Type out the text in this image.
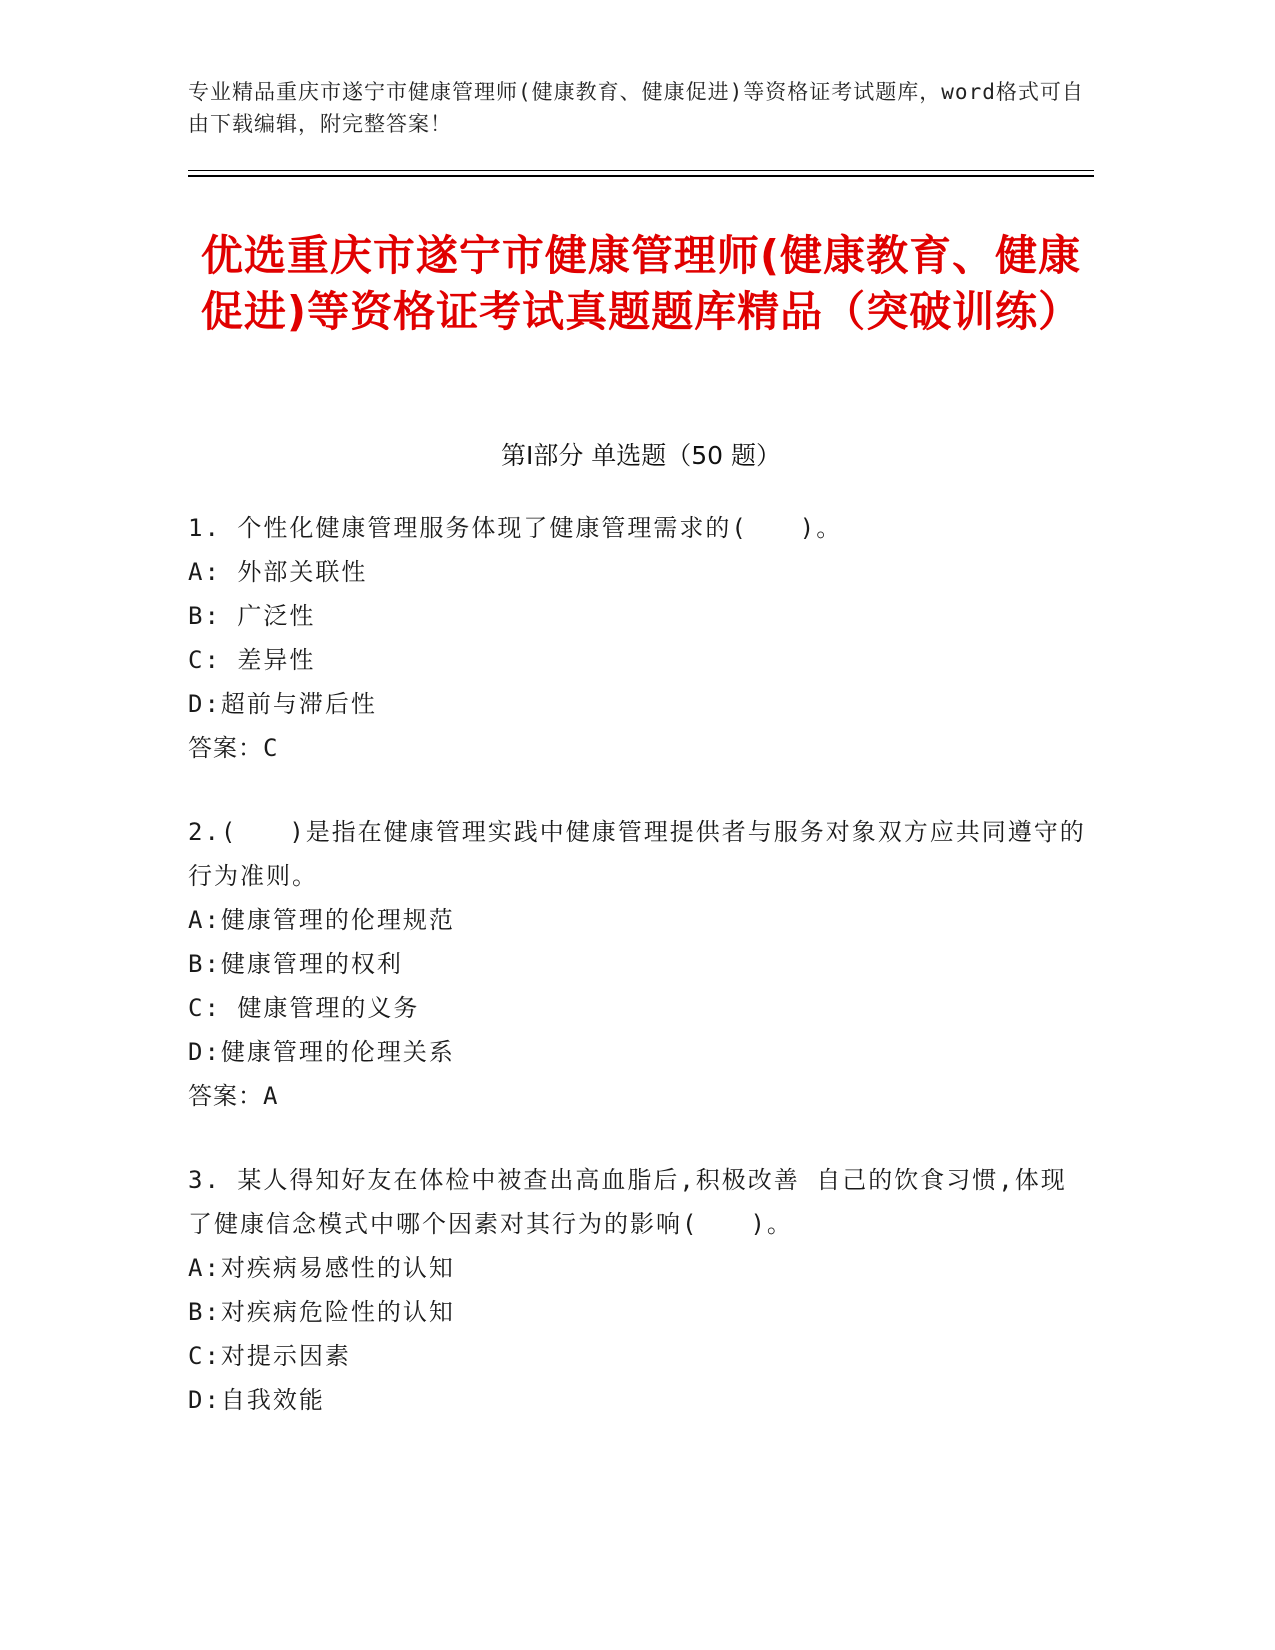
专业精品重庆市遂宁市健康管理师(健康教育、健康促进)等资格证考试题库，word格式可自由下载编辑，附完整答案！
优选重庆市遂宁市健康管理师(健康教育、健康促进)等资格证考试真题题库精品（突破训练）
第Ⅰ部分 单选题（50 题）
1. 个性化健康管理服务体现了健康管理需求的(　　)。
A: 外部关联性
B: 广泛性
C: 差异性
D:超前与滞后性
答案：C
2.(　　)是指在健康管理实践中健康管理提供者与服务对象双方应共同遵守的行为准则。
A:健康管理的伦理规范
B:健康管理的权利
C: 健康管理的义务
D:健康管理的伦理关系
答案：A
3. 某人得知好友在体检中被查出高血脂后,积极改善 自己的饮食习惯,体现了健康信念模式中哪个因素对其行为的影响(　　)。
A:对疾病易感性的认知
B:对疾病危险性的认知
C:对提示因素
D:自我效能
